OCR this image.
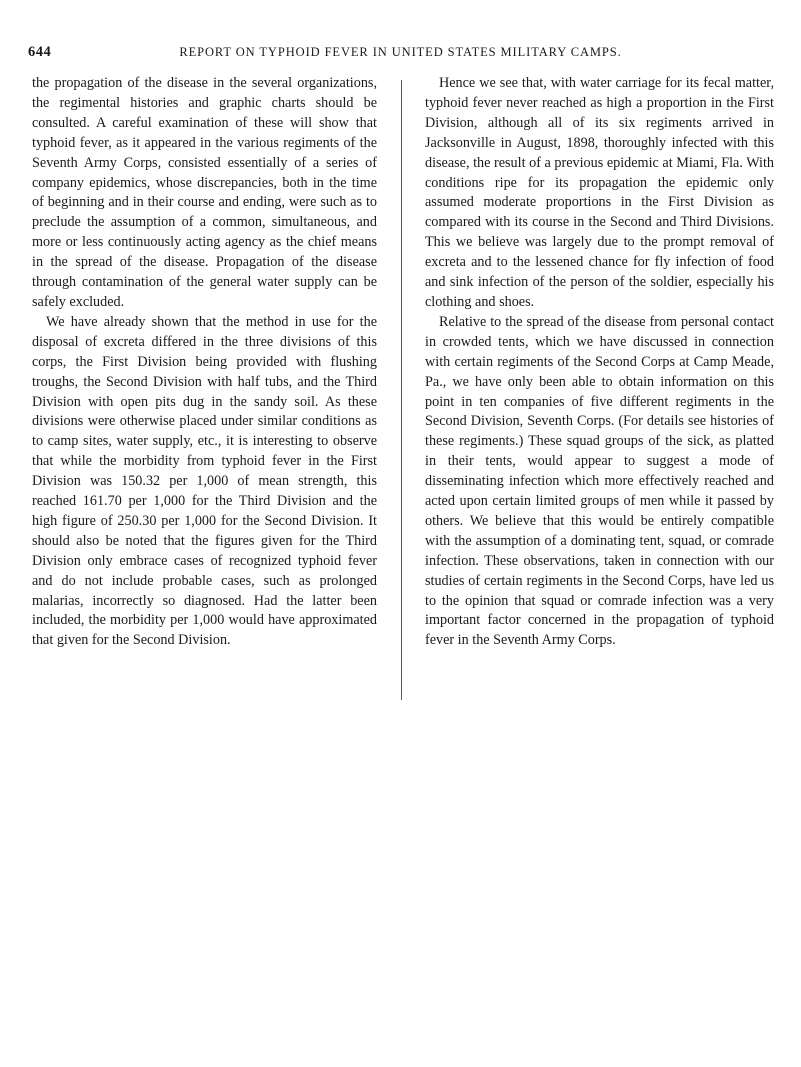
644	REPORT ON TYPHOID FEVER IN UNITED STATES MILITARY CAMPS.

the propagation of the disease in the several organizations, the regimental histories and graphic charts should be consulted. A careful examination of these will show that typhoid fever, as it appeared in the various regiments of the Seventh Army Corps, consisted essentially of a series of company epidemics, whose discrepancies, both in the time of beginning and in their course and ending, were such as to preclude the assumption of a common, simultaneous, and more or less continuously acting agency as the chief means in the spread of the disease. Propagation of the disease through contamination of the general water supply can be safely excluded.

We have already shown that the method in use for the disposal of excreta differed in the three divisions of this corps, the First Division being provided with flushing troughs, the Second Division with half tubs, and the Third Division with open pits dug in the sandy soil. As these divisions were otherwise placed under similar conditions as to camp sites, water supply, etc., it is interesting to observe that while the morbidity from typhoid fever in the First Division was 150.32 per 1,000 of mean strength, this reached 161.70 per 1,000 for the Third Division and the high figure of 250.30 per 1,000 for the Second Division. It should also be noted that the figures given for the Third Division only embrace cases of recognized typhoid fever and do not include probable cases, such as prolonged malarias, incorrectly so diagnosed. Had the latter been included, the morbidity per 1,000 would have approximated that given for the Second Division.

Hence we see that, with water carriage for its fecal matter, typhoid fever never reached as high a proportion in the First Division, although all of its six regiments arrived in Jacksonville in August, 1898, thoroughly infected with this disease, the result of a previous epidemic at Miami, Fla. With conditions ripe for its propagation the epidemic only assumed moderate proportions in the First Division as compared with its course in the Second and Third Divisions. This we believe was largely due to the prompt removal of excreta and to the lessened chance for fly infection of food and sink infection of the person of the soldier, especially his clothing and shoes.

Relative to the spread of the disease from personal contact in crowded tents, which we have discussed in connection with certain regiments of the Second Corps at Camp Meade, Pa., we have only been able to obtain information on this point in ten companies of five different regiments in the Second Division, Seventh Corps. (For details see histories of these regiments.) These squad groups of the sick, as platted in their tents, would appear to suggest a mode of disseminating infection which more effectively reached and acted upon certain limited groups of men while it passed by others. We believe that this would be entirely compatible with the assumption of a dominating tent, squad, or comrade infection. These observations, taken in connection with our studies of certain regiments in the Second Corps, have led us to the opinion that squad or comrade infection was a very important factor concerned in the propagation of typhoid fever in the Seventh Army Corps.
